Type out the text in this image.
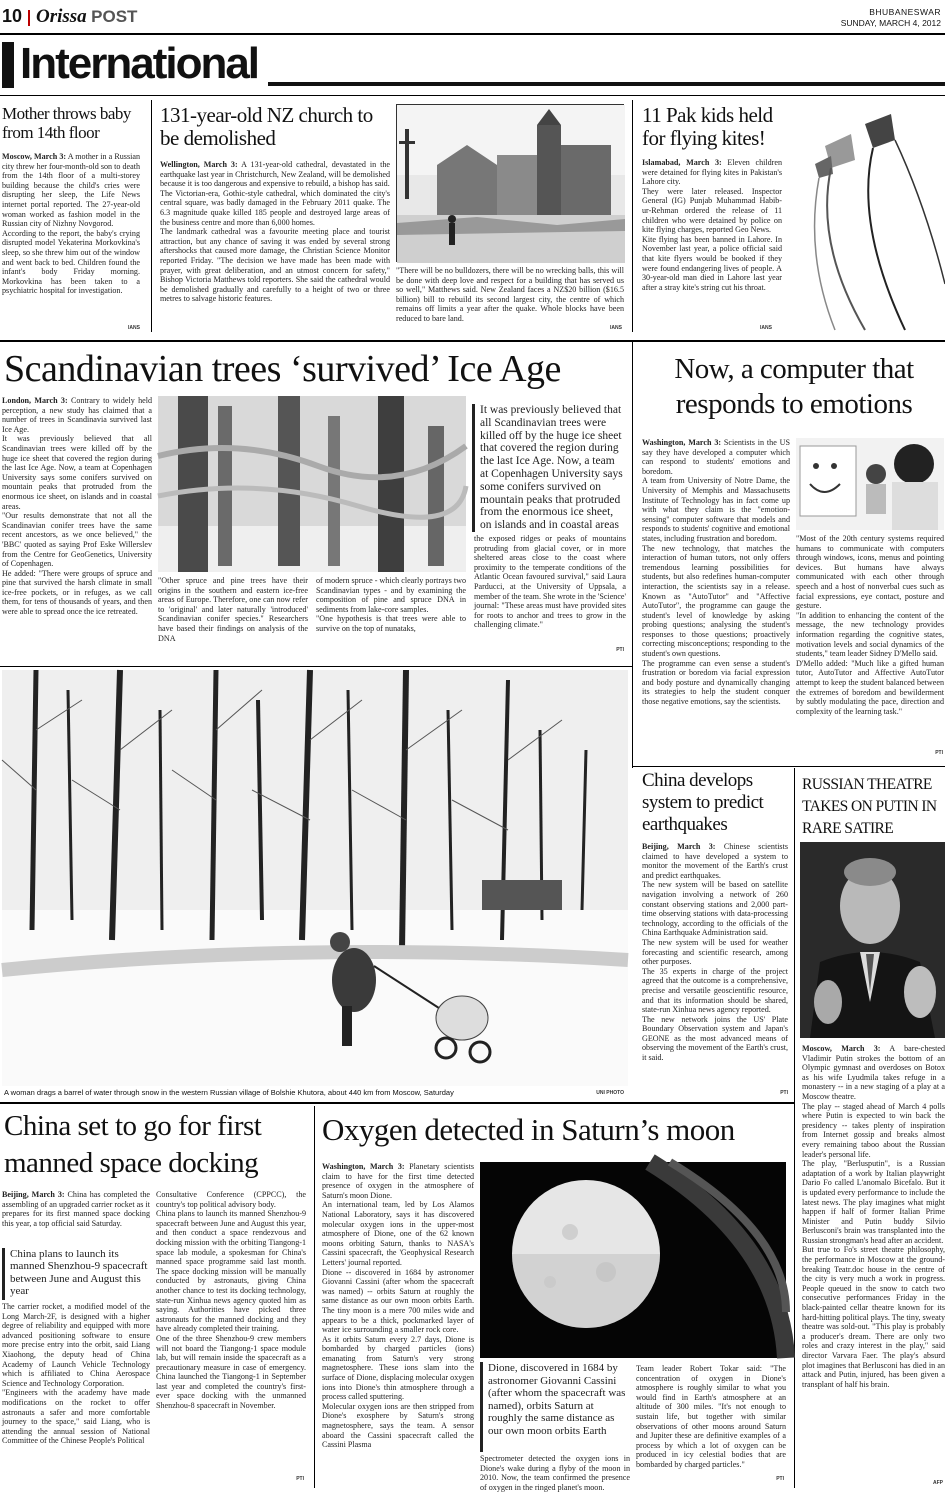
10 Orissa POST	BHUBANESWAR
SUNDAY, MARCH 4, 2012
International
Mother throws baby from 14th floor
Moscow, March 3: A mother in a Russian city threw her four-month-old son to death from the 14th floor of a multi-storey building because the child's cries were disrupting her sleep, the Life News internet portal reported. The 27-year-old woman worked as fashion model in the Russian city of Nizhny Novgorod.
According to the report, the baby's crying disrupted model Yekaterina Morkovkina's sleep, so she threw him out of the window and went back to bed. Children found the infant's body Friday morning. Morkovkina has been taken to a psychiatric hospital for investigation.
IANS
131-year-old NZ church to be demolished
Wellington, March 3: A 131-year-old cathedral, devastated in the earthquake last year in Christchurch, New Zealand, will be demolished because it is too dangerous and expensive to rebuild, a bishop has said.
The Victorian-era, Gothic-style cathedral, which dominated the city's central square, was badly damaged in the February 2011 quake. The 6.3 magnitude quake killed 185 people and destroyed large areas of the business centre and more than 6,000 homes.
The landmark cathedral was a favourite meeting place and tourist attraction, but any chance of saving it was ended by several strong aftershocks that caused more damage, the Christian Science Monitor reported Friday. "The decision we have made has been made with prayer, with great deliberation, and an utmost concern for safety," Bishop Victoria Matthews told reporters. She said the cathedral would be demolished gradually and carefully to a height of two or three metres to salvage historic features.
"There will be no bulldozers, there will be no wrecking balls, this will be done with deep love and respect for a building that has served us so well," Matthews said. New Zealand faces a NZ$20 billion ($16.5 billion) bill to rebuild its second largest city, the centre of which remains off limits a year after the quake. Whole blocks have been reduced to bare land.
IANS
11 Pak kids held for flying kites!
Islamabad, March 3: Eleven children were detained for flying kites in Pakistan's Lahore city.
They were later released. Inspector General (IG) Punjab Muhammad Habib-ur-Rehman ordered the release of 11 children who were detained by police on kite flying charges, reported Geo News.
Kite flying has been banned in Lahore. In November last year, a police official said that kite flyers would be booked if they were found endangering lives of people. A 30-year-old man died in Lahore last year after a stray kite's string cut his throat.
IANS
Scandinavian trees ‘survived’ Ice Age
London, March 3: Contrary to widely held perception, a new study has claimed that a number of trees in Scandinavia survived last Ice Age.
It was previously believed that all Scandinavian trees were killed off by the huge ice sheet that covered the region during the last Ice Age. Now, a team at Copenhagen University says some conifers survived on mountain peaks that protruded from the enormous ice sheet, on islands and in coastal areas.
"Our results demonstrate that not all the Scandinavian conifer trees have the same recent ancestors, as we once believed," the 'BBC' quoted as saying Prof Eske Willerslev from the Centre for GeoGenetics, University of Copenhagen.
He added: "There were groups of spruce and pine that survived the harsh climate in small ice-free pockets, or in refuges, as we call them, for tens of thousands of years, and then were able to spread once the ice retreated.
"Other spruce and pine trees have their origins in the southern and eastern ice-free areas of Europe. Therefore, one can now refer to 'original' and later naturally 'introduced' Scandinavian conifer species." Researchers have based their findings on analysis of the DNA
of modern spruce - which clearly portrays two Scandinavian types - and by examining the composition of pine and spruce DNA in sediments from lake-core samples.
"One hypothesis is that trees were able to survive on the top of nunataks,
It was previously believed that all Scandinavian trees were killed off by the huge ice sheet that covered the region during the last Ice Age. Now, a team at Copenhagen University says some conifers survived on mountain peaks that protruded from the enormous ice sheet, on islands and in coastal areas
the exposed ridges or peaks of mountains protruding from glacial cover, or in more sheltered areas close to the coast where proximity to the temperate conditions of the Atlantic Ocean favoured survival," said Laura Parducci, at the University of Uppsala, a member of the team. She wrote in the 'Science' journal: "These areas must have provided sites for roots to anchor and trees to grow in the challenging climate."
PTI
Now, a computer that responds to emotions
Washington, March 3: Scientists in the US say they have developed a computer which can respond to students' emotions and boredom.
A team from University of Notre Dame, the University of Memphis and Massachusetts Institute of Technology has in fact come up with what they claim is the "emotion-sensing" computer software that models and responds to students' cognitive and emotional states, including frustration and boredom.
The new technology, that matches the interaction of human tutors, not only offers tremendous learning possibilities for students, but also redefines human-computer interaction, the scientists say in a release. Known as "AutoTutor" and "Affective AutoTutor", the programme can gauge the student's level of knowledge by asking probing questions; analysing the student's responses to those questions; proactively correcting misconceptions; responding to the student's own questions.
The programme can even sense a student's frustration or boredom via facial expression and body posture and dynamically changing its strategies to help the student conquer those negative emotions, say the scientists.
"Most of the 20th century systems required humans to communicate with computers through windows, icons, menus and pointing devices. But humans have always communicated with each other through speech and a host of nonverbal cues such as facial expressions, eye contact, posture and gesture.
"In addition to enhancing the content of the message, the new technology provides information regarding the cognitive states, motivation levels and social dynamics of the students," team leader Sidney D'Mello said.
D'Mello added: "Much like a gifted human tutor, AutoTutor and Affective AutoTutor attempt to keep the student balanced between the extremes of boredom and bewilderment by subtly modulating the pace, direction and complexity of the learning task."
PTI
A woman drags a barrel of water through snow in the western Russian village of Bolshie Khutora, about 440 km from Moscow, Saturday	UNI PHOTO
China develops system to predict earthquakes
Beijing, March 3: Chinese scientists claimed to have developed a system to monitor the movement of the Earth's crust and predict earthquakes.
The new system will be based on satellite navigation involving a network of 260 constant observing stations and 2,000 part-time observing stations with data-processing technology, according to the officials of the China Earthquake Administration said.
The new system will be used for weather forecasting and scientific research, among other purposes.
The 35 experts in charge of the project agreed that the outcome is a comprehensive, precise and versatile geoscientific resource, and that its information should be shared, state-run Xinhua news agency reported.
The new network joins the US' Plate Boundary Observation system and Japan's GEONE as the most advanced means of observing the movement of the Earth's crust, it said.
PTI
RUSSIAN THEATRE TAKES ON PUTIN IN RARE SATIRE
Moscow, March 3: A bare-chested Vladimir Putin strokes the bottom of an Olympic gymnast and overdoses on Botox as his wife Lyudmila takes refuge in a monastery -- in a new staging of a play at a Moscow theatre.
The play -- staged ahead of March 4 polls where Putin is expected to win back the presidency -- takes plenty of inspiration from Internet gossip and breaks almost every remaining taboo about the Russian leader's personal life.
The play, "Berlusputin", is a Russian adaptation of a work by Italian playwright Dario Fo called L'anomalo Bicefalo. But it is updated every performance to include the latest news. The play imagines what might happen if half of former Italian Prime Minister and Putin buddy Silvio Berlusconi's brain was transplanted into the Russian strongman's head after an accident.
But true to Fo's street theatre philosophy, the performance in Moscow at the ground-breaking Teatr.doc house in the centre of the city is very much a work in progress. People queued in the snow to catch two consecutive performances Friday in the black-painted cellar theatre known for its hard-hitting political plays. The tiny, sweaty theatre was sold-out. "This play is probably a producer's dream. There are only two roles and crazy interest in the play," said director Varvara Faer. The play's absurd plot imagines that Berlusconi has died in an attack and Putin, injured, has been given a transplant of half his brain.
AFP
China set to go for first manned space docking
Beijing, March 3: China has completed the assembling of an upgraded carrier rocket as it prepares for its first manned space docking this year, a top official said Saturday.
China plans to launch its manned Shenzhou-9 spacecraft between June and August this year
The carrier rocket, a modified model of the Long March-2F, is designed with a higher degree of reliability and equipped with more advanced positioning software to ensure more precise entry into the orbit, said Liang Xiaohong, the deputy head of China Academy of Launch Vehicle Technology which is affiliated to China Aerospace Science and Technology Corporation.
"Engineers with the academy have made modifications on the rocket to offer astronauts a safer and more comfortable journey to the space," said Liang, who is attending the annual session of National Committee of the Chinese People's Political
Consultative Conference (CPPCC), the country's top political advisory body.
China plans to launch its manned Shenzhou-9 spacecraft between June and August this year, and then conduct a space rendezvous and docking mission with the orbiting Tiangong-1 space lab module, a spokesman for China's manned space programme said last month. The space docking mission will be manually conducted by astronauts, giving China another chance to test its docking technology, state-run Xinhua news agency quoted him as saying. Authorities have picked three astronauts for the manned docking and they have already completed their training.
One of the three Shenzhou-9 crew members will not board the Tiangong-1 space module lab, but will remain inside the spacecraft as a precautionary measure in case of emergency. China launched the Tiangong-1 in September last year and completed the country's first-ever space docking with the unmanned Shenzhou-8 spacecraft in November.
PTI
Oxygen detected in Saturn’s moon
Washington, March 3: Planetary scientists claim to have for the first time detected presence of oxygen in the atmosphere of Saturn's moon Dione.
An international team, led by Los Alamos National Laboratory, says it has discovered molecular oxygen ions in the upper-most atmosphere of Dione, one of the 62 known moons orbiting Saturn, thanks to NASA's Cassini spacecraft, the 'Geophysical Research Letters' journal reported.
Dione -- discovered in 1684 by astronomer Giovanni Cassini (after whom the spacecraft was named) -- orbits Saturn at roughly the same distance as our own moon orbits Earth. The tiny moon is a mere 700 miles wide and appears to be a thick, pockmarked layer of water ice surrounding a smaller rock core.
As it orbits Saturn every 2.7 days, Dione is bombarded by charged particles (ions) emanating from Saturn's very strong magnetosphere. These ions slam into the surface of Dione, displacing molecular oxygen ions into Dione's thin atmosphere through a process called sputtering.
Molecular oxygen ions are then stripped from Dione's exosphere by Saturn's strong magnetosphere, says the team. A sensor aboard the Cassini spacecraft called the Cassini Plasma
Dione, discovered in 1684 by astronomer Giovanni Cassini (after whom the spacecraft was named), orbits Saturn at roughly the same distance as our own moon orbits Earth
Spectrometer detected the oxygen ions in Dione's wake during a flyby of the moon in 2010. Now, the team confirmed the presence of oxygen in the ringed planet's moon.
Team leader Robert Tokar said: "The concentration of oxygen in Dione's atmosphere is roughly similar to what you would find in Earth's atmosphere at an altitude of 300 miles. "It's not enough to sustain life, but together with similar observations of other moons around Saturn and Jupiter these are definitive examples of a process by which a lot of oxygen can be produced in icy celestial bodies that are bombarded by charged particles."
PTI
